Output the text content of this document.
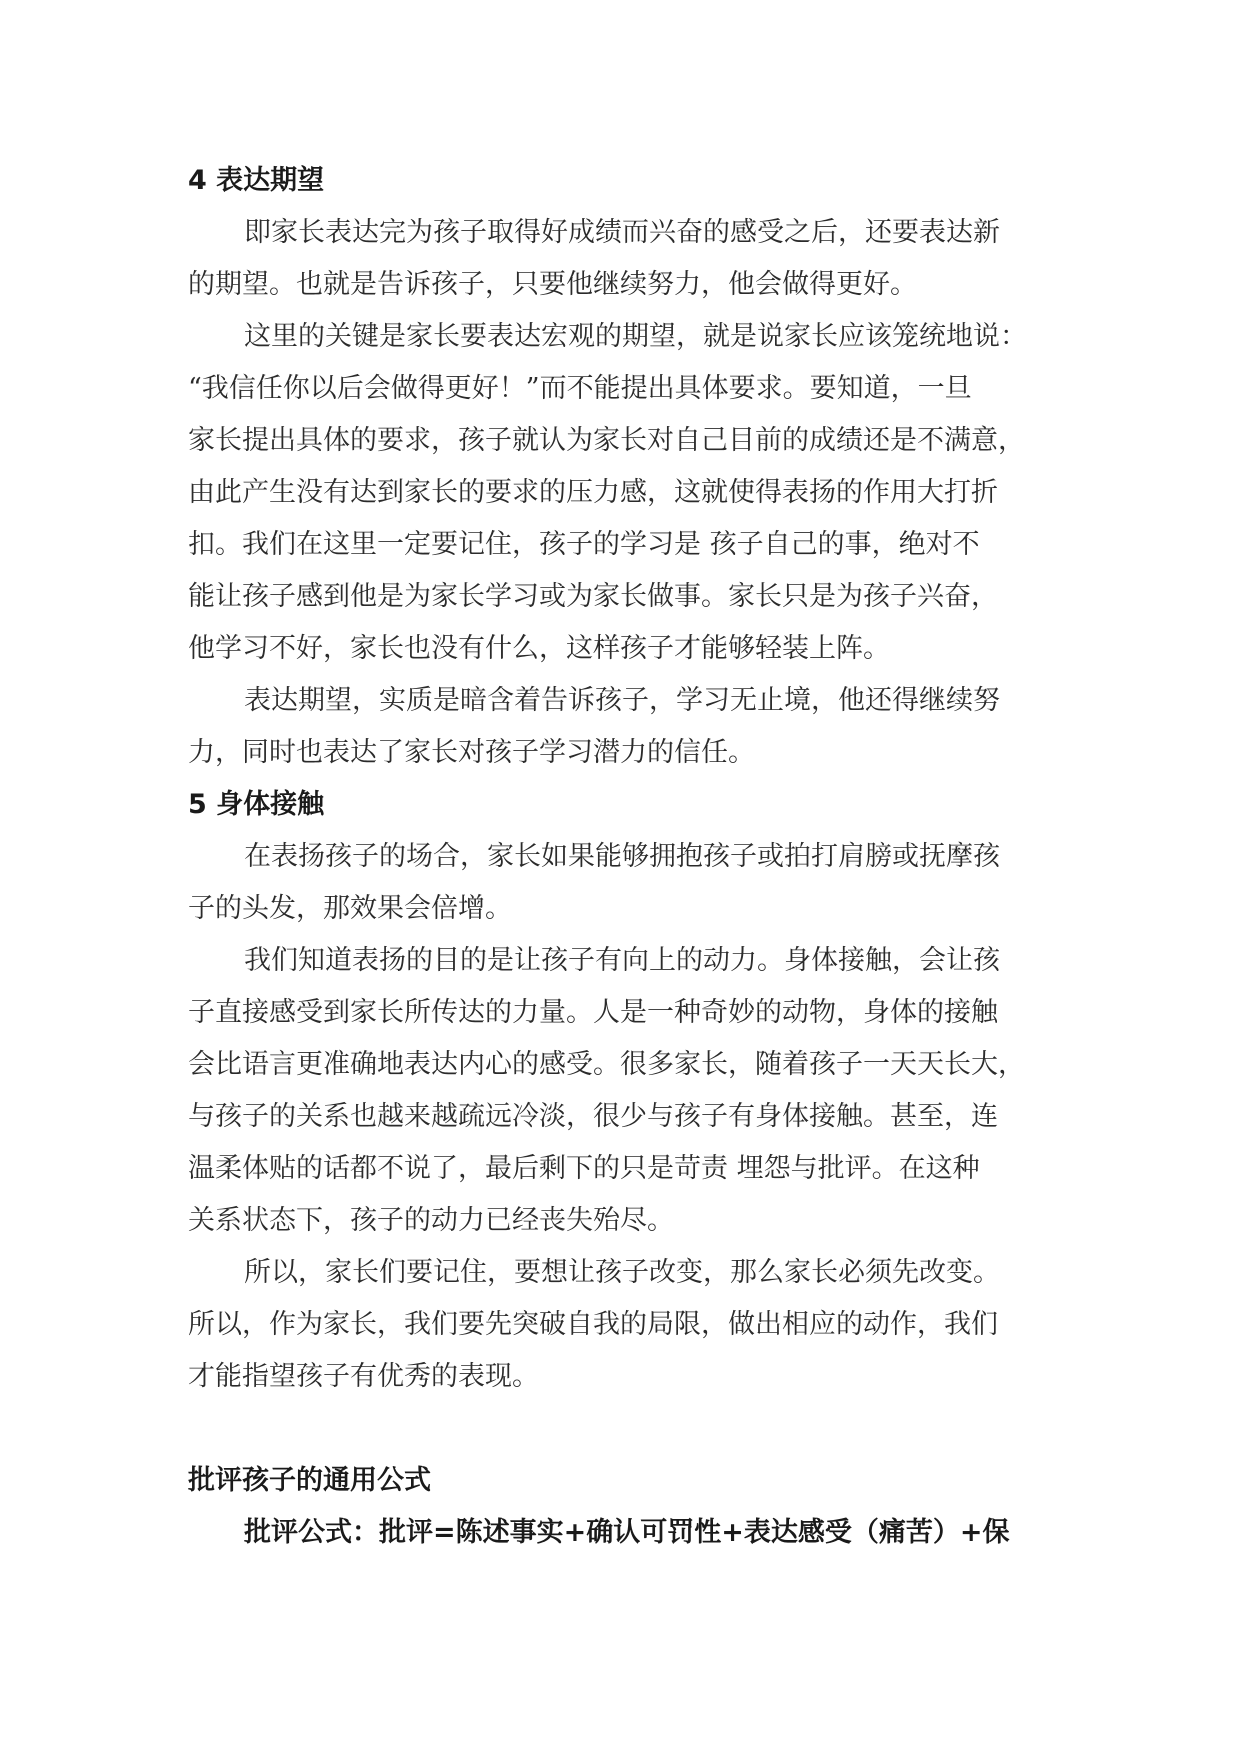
4 表达期望

即家长表达完为孩子取得好成绩而兴奋的感受之后，还要表达新
的期望。也就是告诉孩子，只要他继续努力，他会做得更好。

这里的关键是家长要表达宏观的期望，就是说家长应该笼统地说：
“我信任你以后会做得更好！”而不能提出具体要求。要知道，一旦
家长提出具体的要求，孩子就认为家长对自己目前的成绩还是不满意，
由此产生没有达到家长的要求的压力感，这就使得表扬的作用大打折
扣。我们在这里一定要记住，孩子的学习是 孩子自己的事，绝对不
能让孩子感到他是为家长学习或为家长做事。家长只是为孩子兴奋，
他学习不好，家长也没有什么，这样孩子才能够轻装上阵。

表达期望，实质是暗含着告诉孩子，学习无止境，他还得继续努
力，同时也表达了家长对孩子学习潜力的信任。

5 身体接触

在表扬孩子的场合，家长如果能够拥抱孩子或拍打肩膀或抚摩孩
子的头发，那效果会倍增。

我们知道表扬的目的是让孩子有向上的动力。身体接触，会让孩
子直接感受到家长所传达的力量。人是一种奇妙的动物，身体的接触
会比语言更准确地表达内心的感受。很多家长，随着孩子一天天长大，
与孩子的关系也越来越疏远冷淡，很少与孩子有身体接触。甚至，连
温柔体贴的话都不说了，最后剩下的只是苛责 埋怨与批评。在这种
关系状态下，孩子的动力已经丧失殆尽。

所以，家长们要记住，要想让孩子改变，那么家长必须先改变。
所以，作为家长，我们要先突破自我的局限，做出相应的动作，我们
才能指望孩子有优秀的表现。

批评孩子的通用公式

批评公式：批评=陈述事实+确认可罚性+表达感受（痛苦）+保
